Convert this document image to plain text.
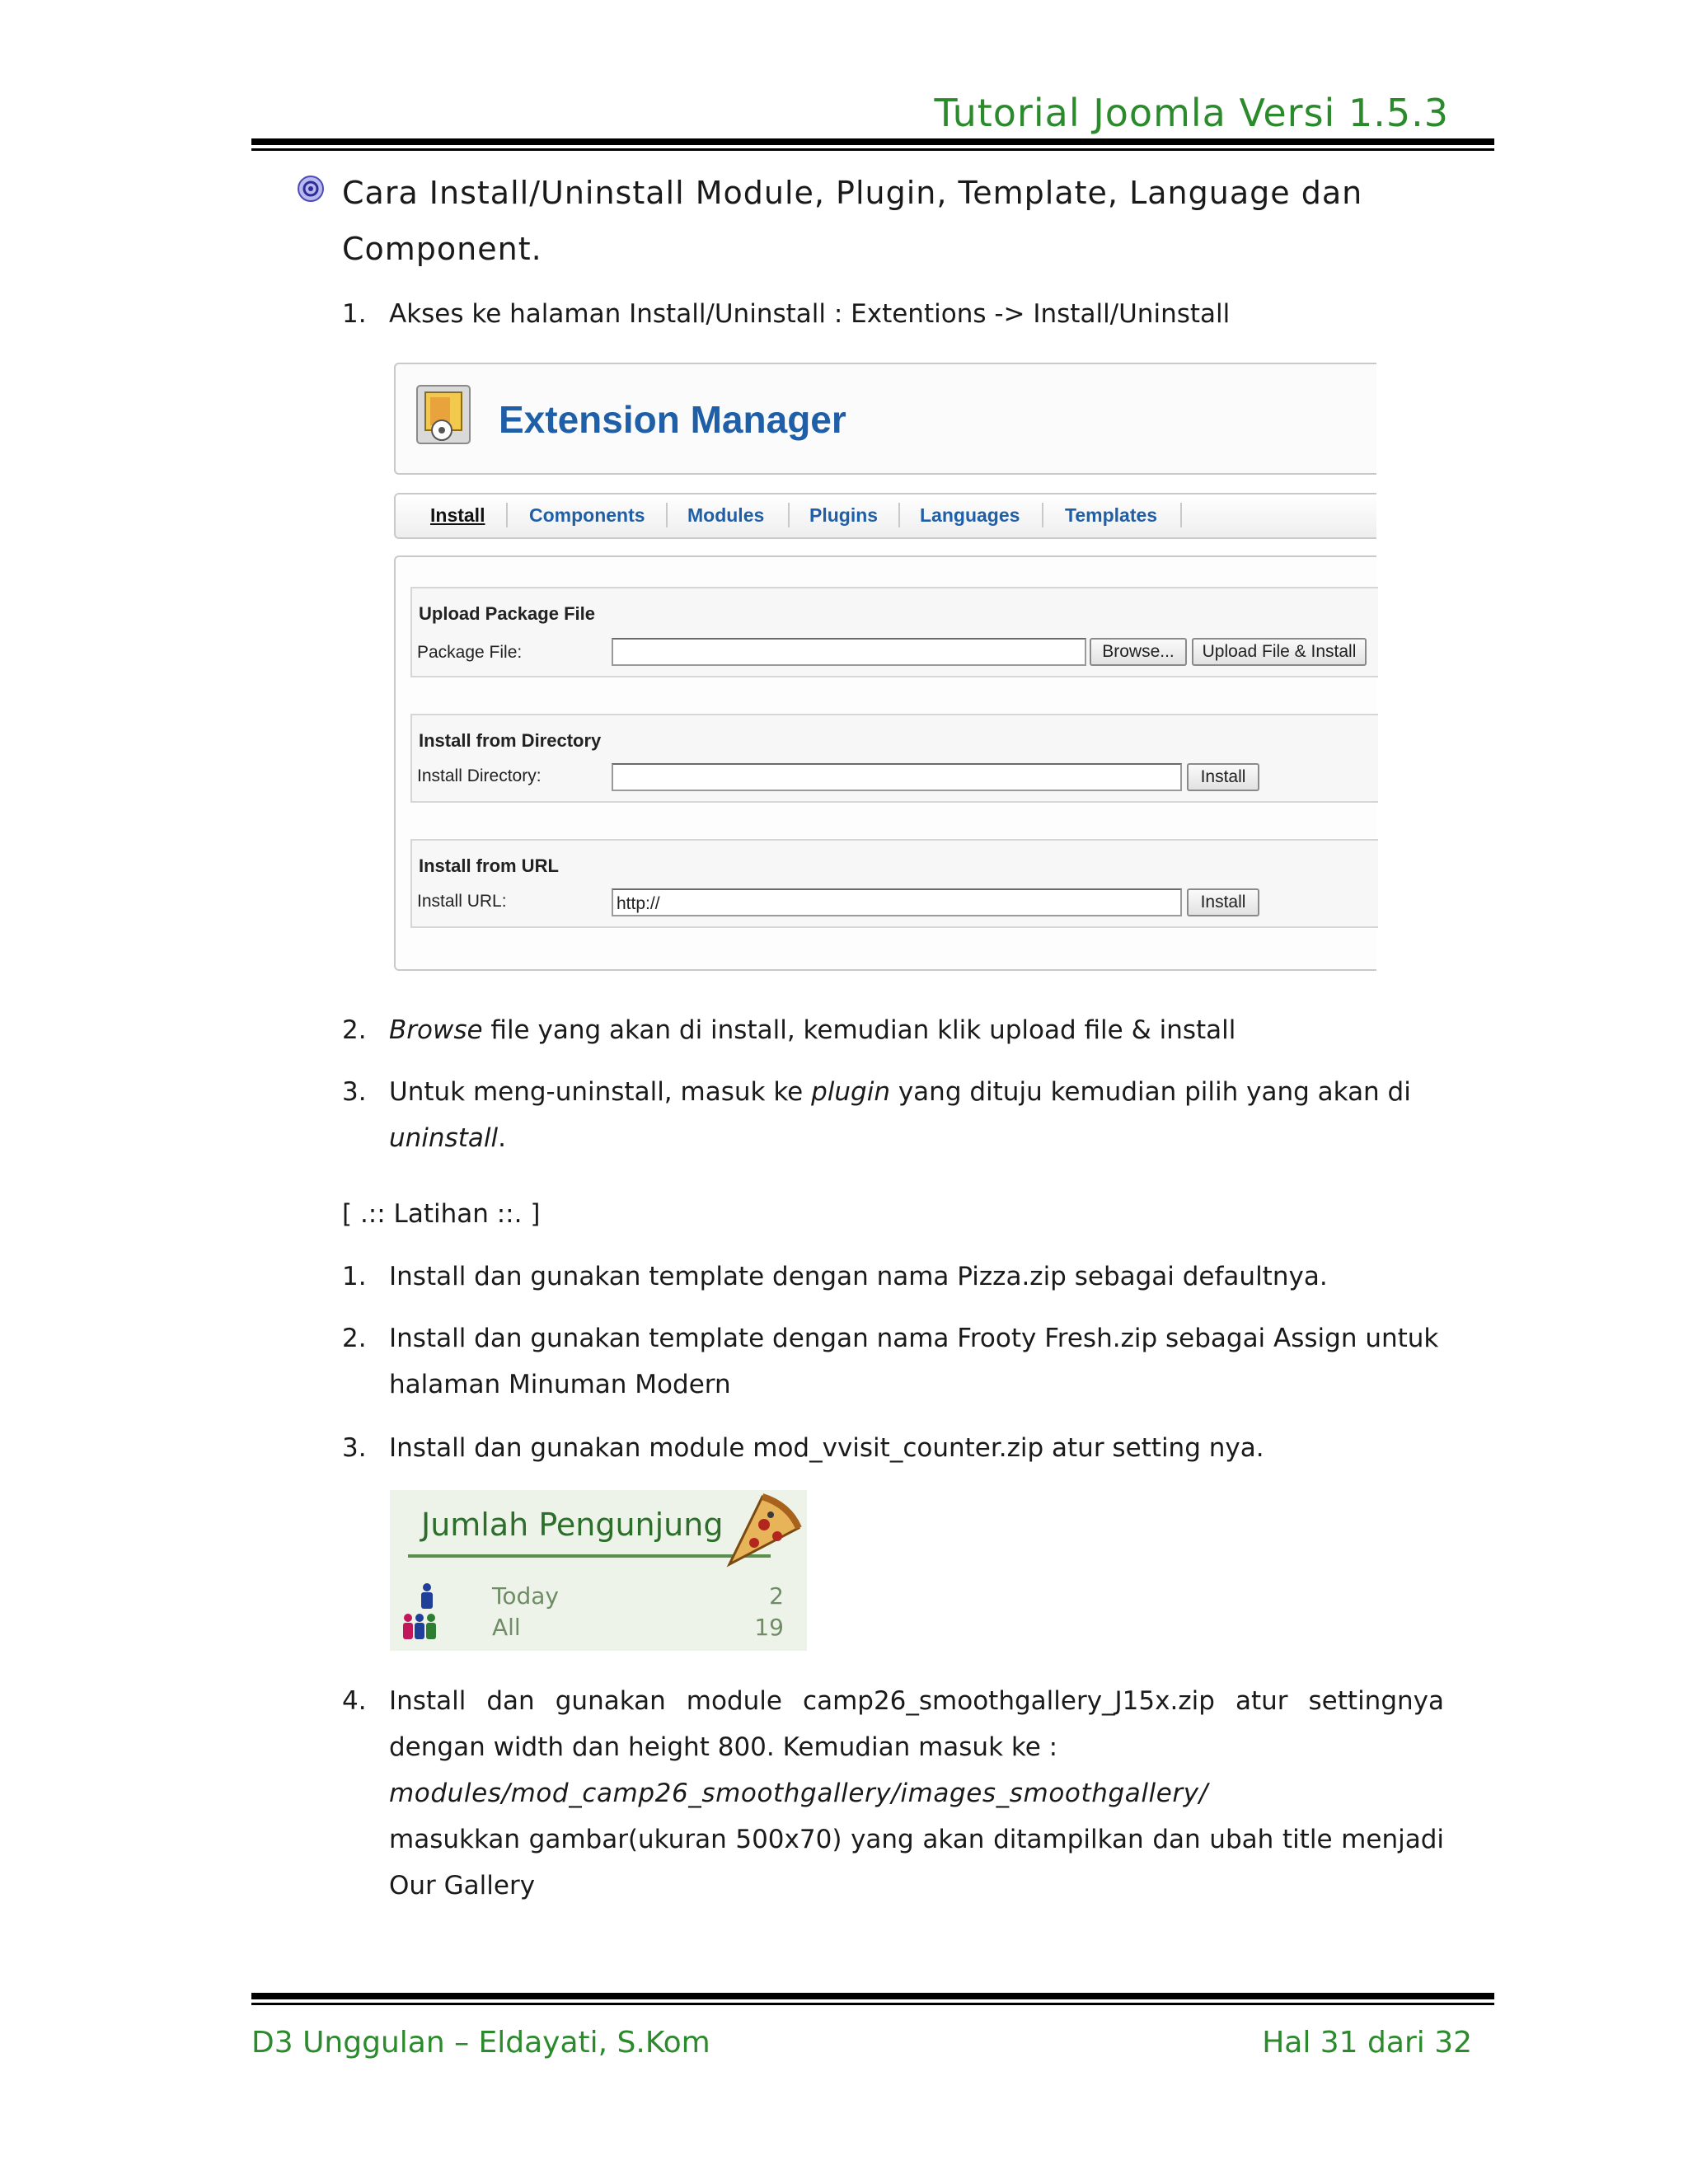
Tutorial Joomla Versi 1.5.3
Cara Install/Uninstall Module, Plugin, Template, Language dan Component.
1. Akses ke halaman Install/Uninstall : Extentions -> Install/Uninstall
Extension Manager
Install Components Modules Plugins Languages Templates
Upload Package File
Package File:	Browse...	Upload File & Install
Install from Directory
Install Directory:	Install
Install from URL
Install URL:	http://	Install
2. Browse file yang akan di install, kemudian klik upload file & install
3. Untuk meng-uninstall, masuk ke plugin yang dituju kemudian pilih yang akan di uninstall.
[ .:: Latihan ::. ]
1. Install dan gunakan template dengan nama Pizza.zip sebagai defaultnya.
2. Install dan gunakan template dengan nama Frooty Fresh.zip sebagai Assign untuk halaman Minuman Modern
3. Install dan gunakan module mod_vvisit_counter.zip atur setting nya.
Jumlah Pengunjung
Today	2
All	19
4. Install dan gunakan module camp26_smoothgallery_J15x.zip atur settingnya dengan width dan height 800. Kemudian masuk ke :
modules/mod_camp26_smoothgallery/images_smoothgallery/
masukkan gambar(ukuran 500x70) yang akan ditampilkan dan ubah title menjadi Our Gallery
D3 Unggulan – Eldayati, S.Kom	Hal 31 dari 32
